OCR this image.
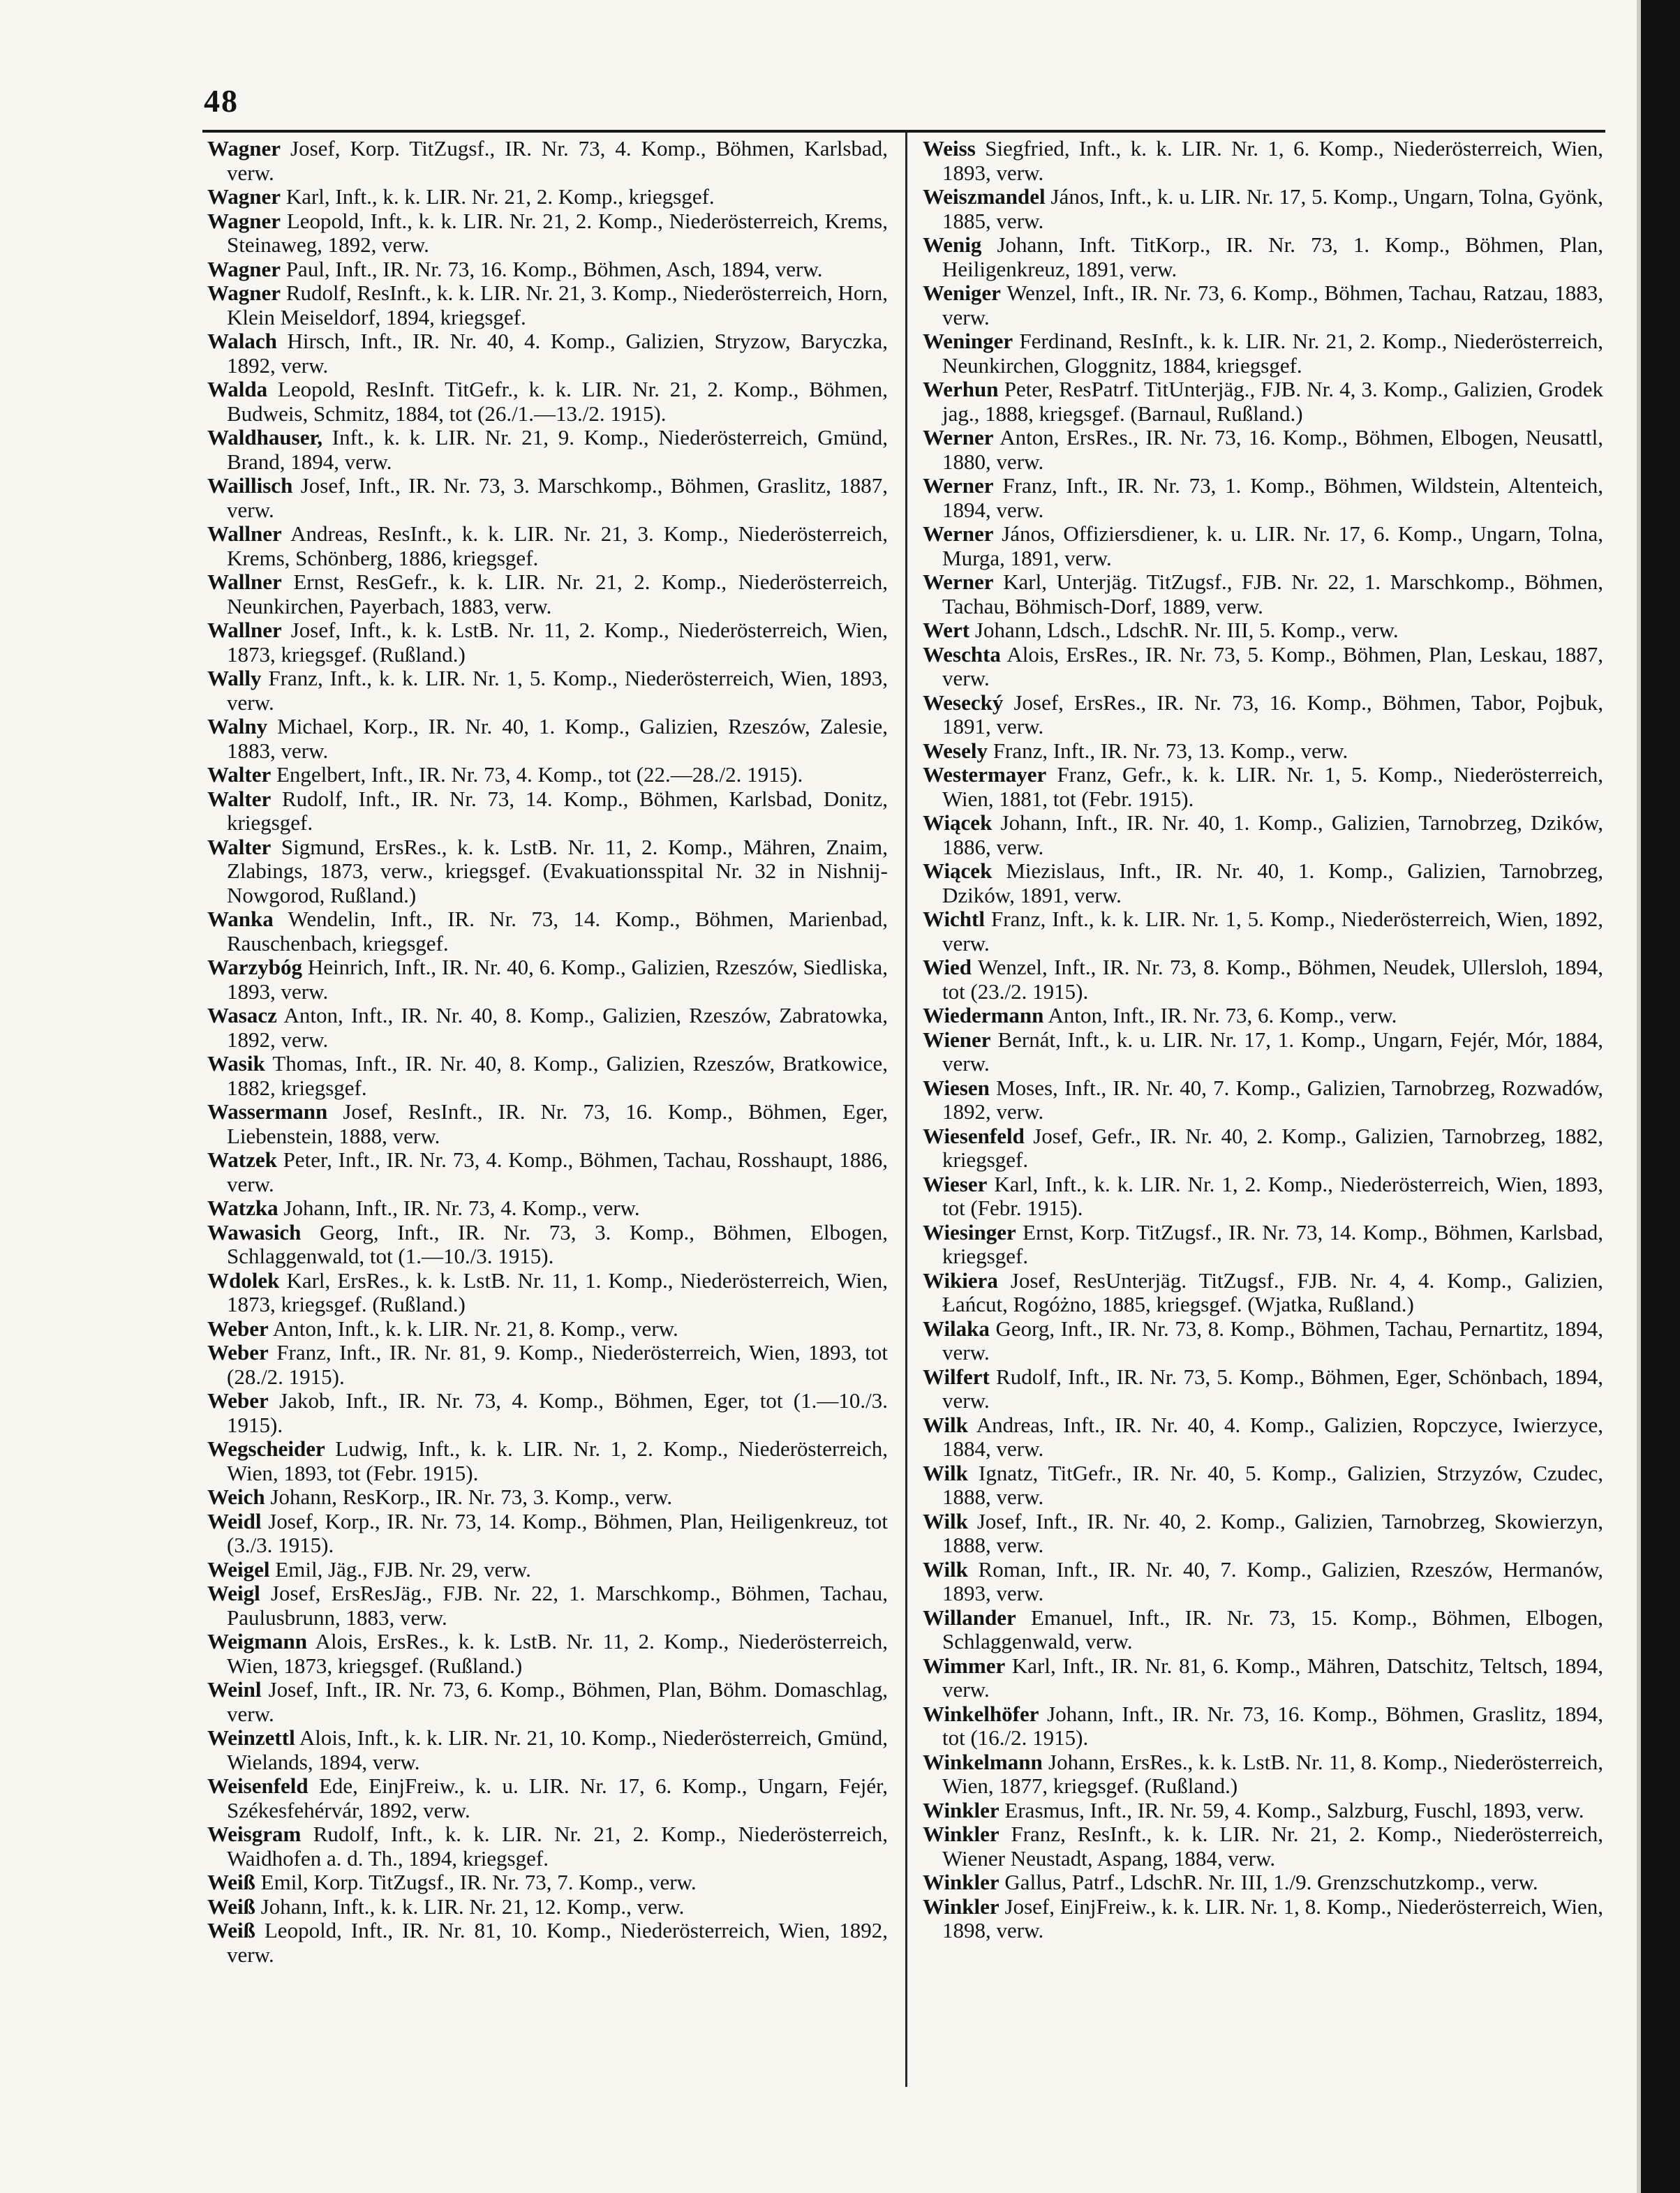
48

Wagner Josef, Korp. TitZugsf., IR. Nr. 73, 4. Komp., Böhmen, Karlsbad, verw.

Wagner Karl, Inft., k. k. LIR. Nr. 21, 2. Komp., kriegsgef.

Wagner Leopold, Inft., k. k. LIR. Nr. 21, 2. Komp., Niederösterreich, Krems, Steinaweg, 1892, verw.

Wagner Paul, Inft., IR. Nr. 73, 16. Komp., Böhmen, Asch, 1894, verw.

Wagner Rudolf, ResInft., k. k. LIR. Nr. 21, 3. Komp., Niederösterreich, Horn, Klein Meiseldorf, 1894, kriegsgef.

Walach Hirsch, Inft., IR. Nr. 40, 4. Komp., Galizien, Stryzow, Baryczka, 1892, verw.

Walda Leopold, ResInft. TitGefr., k. k. LIR. Nr. 21, 2. Komp., Böhmen, Budweis, Schmitz, 1884, tot (26./1.—13./2. 1915).

Waldhauser, Inft., k. k. LIR. Nr. 21, 9. Komp., Niederösterreich, Gmünd, Brand, 1894, verw.

Waillisch Josef, Inft., IR. Nr. 73, 3. Marschkomp., Böhmen, Graslitz, 1887, verw.

Wallner Andreas, ResInft., k. k. LIR. Nr. 21, 3. Komp., Niederösterreich, Krems, Schönberg, 1886, kriegsgef.

Wallner Ernst, ResGefr., k. k. LIR. Nr. 21, 2. Komp., Niederösterreich, Neunkirchen, Payerbach, 1883, verw.

Wallner Josef, Inft., k. k. LstB. Nr. 11, 2. Komp., Niederösterreich, Wien, 1873, kriegsgef. (Rußland.)

Wally Franz, Inft., k. k. LIR. Nr. 1, 5. Komp., Niederösterreich, Wien, 1893, verw.

Walny Michael, Korp., IR. Nr. 40, 1. Komp., Galizien, Rzeszów, Zalesie, 1883, verw.

Walter Engelbert, Inft., IR. Nr. 73, 4. Komp., tot (22.—28./2. 1915).

Walter Rudolf, Inft., IR. Nr. 73, 14. Komp., Böhmen, Karlsbad, Donitz, kriegsgef.

Walter Sigmund, ErsRes., k. k. LstB. Nr. 11, 2. Komp., Mähren, Znaim, Zlabings, 1873, verw., kriegsgef. (Evakuationsspital Nr. 32 in Nishnij-Nowgorod, Rußland.)

Wanka Wendelin, Inft., IR. Nr. 73, 14. Komp., Böhmen, Marienbad, Rauschenbach, kriegsgef.

Warzybóg Heinrich, Inft., IR. Nr. 40, 6. Komp., Galizien, Rzeszów, Siedliska, 1893, verw.

Wasacz Anton, Inft., IR. Nr. 40, 8. Komp., Galizien, Rzeszów, Zabratowka, 1892, verw.

Wasik Thomas, Inft., IR. Nr. 40, 8. Komp., Galizien, Rzeszów, Bratkowice, 1882, kriegsgef.

Wassermann Josef, ResInft., IR. Nr. 73, 16. Komp., Böhmen, Eger, Liebenstein, 1888, verw.

Watzek Peter, Inft., IR. Nr. 73, 4. Komp., Böhmen, Tachau, Rosshaupt, 1886, verw.

Watzka Johann, Inft., IR. Nr. 73, 4. Komp., verw.

Wawasich Georg, Inft., IR. Nr. 73, 3. Komp., Böhmen, Elbogen, Schlaggenwald, tot (1.—10./3. 1915).

Wdolek Karl, ErsRes., k. k. LstB. Nr. 11, 1. Komp., Niederösterreich, Wien, 1873, kriegsgef. (Rußland.)

Weber Anton, Inft., k. k. LIR. Nr. 21, 8. Komp., verw.

Weber Franz, Inft., IR. Nr. 81, 9. Komp., Niederösterreich, Wien, 1893, tot (28./2. 1915).

Weber Jakob, Inft., IR. Nr. 73, 4. Komp., Böhmen, Eger, tot (1.—10./3. 1915).

Wegscheider Ludwig, Inft., k. k. LIR. Nr. 1, 2. Komp., Niederösterreich, Wien, 1893, tot (Febr. 1915).

Weich Johann, ResKorp., IR. Nr. 73, 3. Komp., verw.

Weidl Josef, Korp., IR. Nr. 73, 14. Komp., Böhmen, Plan, Heiligenkreuz, tot (3./3. 1915).

Weigel Emil, Jäg., FJB. Nr. 29, verw.

Weigl Josef, ErsResJäg., FJB. Nr. 22, 1. Marschkomp., Böhmen, Tachau, Paulusbrunn, 1883, verw.

Weigmann Alois, ErsRes., k. k. LstB. Nr. 11, 2. Komp., Niederösterreich, Wien, 1873, kriegsgef. (Rußland.)

Weinl Josef, Inft., IR. Nr. 73, 6. Komp., Böhmen, Plan, Böhm. Domaschlag, verw.

Weinzettl Alois, Inft., k. k. LIR. Nr. 21, 10. Komp., Niederösterreich, Gmünd, Wielands, 1894, verw.

Weisenfeld Ede, EinjFreiw., k. u. LIR. Nr. 17, 6. Komp., Ungarn, Fejér, Székesfehérvár, 1892, verw.

Weisgram Rudolf, Inft., k. k. LIR. Nr. 21, 2. Komp., Niederösterreich, Waidhofen a. d. Th., 1894, kriegsgef.

Weiß Emil, Korp. TitZugsf., IR. Nr. 73, 7. Komp., verw.

Weiß Johann, Inft., k. k. LIR. Nr. 21, 12. Komp., verw.

Weiß Leopold, Inft., IR. Nr. 81, 10. Komp., Niederösterreich, Wien, 1892, verw.

Weiss Siegfried, Inft., k. k. LIR. Nr. 1, 6. Komp., Niederösterreich, Wien, 1893, verw.

Weiszmandel János, Inft., k. u. LIR. Nr. 17, 5. Komp., Ungarn, Tolna, Gyönk, 1885, verw.

Wenig Johann, Inft. TitKorp., IR. Nr. 73, 1. Komp., Böhmen, Plan, Heiligenkreuz, 1891, verw.

Weniger Wenzel, Inft., IR. Nr. 73, 6. Komp., Böhmen, Tachau, Ratzau, 1883, verw.

Weninger Ferdinand, ResInft., k. k. LIR. Nr. 21, 2. Komp., Niederösterreich, Neunkirchen, Gloggnitz, 1884, kriegsgef.

Werhun Peter, ResPatrf. TitUnterjäg., FJB. Nr. 4, 3. Komp., Galizien, Grodek jag., 1888, kriegsgef. (Barnaul, Rußland.)

Werner Anton, ErsRes., IR. Nr. 73, 16. Komp., Böhmen, Elbogen, Neusattl, 1880, verw.

Werner Franz, Inft., IR. Nr. 73, 1. Komp., Böhmen, Wildstein, Altenteich, 1894, verw.

Werner János, Offiziersdiener, k. u. LIR. Nr. 17, 6. Komp., Ungarn, Tolna, Murga, 1891, verw.

Werner Karl, Unterjäg. TitZugsf., FJB. Nr. 22, 1. Marschkomp., Böhmen, Tachau, Böhmisch-Dorf, 1889, verw.

Wert Johann, Ldsch., LdschR. Nr. III, 5. Komp., verw.

Weschta Alois, ErsRes., IR. Nr. 73, 5. Komp., Böhmen, Plan, Leskau, 1887, verw.

Wesecký Josef, ErsRes., IR. Nr. 73, 16. Komp., Böhmen, Tabor, Pojbuk, 1891, verw.

Wesely Franz, Inft., IR. Nr. 73, 13. Komp., verw.

Westermayer Franz, Gefr., k. k. LIR. Nr. 1, 5. Komp., Niederösterreich, Wien, 1881, tot (Febr. 1915).

Wiącek Johann, Inft., IR. Nr. 40, 1. Komp., Galizien, Tarnobrzeg, Dzików, 1886, verw.

Wiącek Miezislaus, Inft., IR. Nr. 40, 1. Komp., Galizien, Tarnobrzeg, Dzików, 1891, verw.

Wichtl Franz, Inft., k. k. LIR. Nr. 1, 5. Komp., Niederösterreich, Wien, 1892, verw.

Wied Wenzel, Inft., IR. Nr. 73, 8. Komp., Böhmen, Neudek, Ullersloh, 1894, tot (23./2. 1915).

Wiedermann Anton, Inft., IR. Nr. 73, 6. Komp., verw.

Wiener Bernát, Inft., k. u. LIR. Nr. 17, 1. Komp., Ungarn, Fejér, Mór, 1884, verw.

Wiesen Moses, Inft., IR. Nr. 40, 7. Komp., Galizien, Tarnobrzeg, Rozwadów, 1892, verw.

Wiesenfeld Josef, Gefr., IR. Nr. 40, 2. Komp., Galizien, Tarnobrzeg, 1882, kriegsgef.

Wieser Karl, Inft., k. k. LIR. Nr. 1, 2. Komp., Niederösterreich, Wien, 1893, tot (Febr. 1915).

Wiesinger Ernst, Korp. TitZugsf., IR. Nr. 73, 14. Komp., Böhmen, Karlsbad, kriegsgef.

Wikiera Josef, ResUnterjäg. TitZugsf., FJB. Nr. 4, 4. Komp., Galizien, Łańcut, Rogóżno, 1885, kriegsgef. (Wjatka, Rußland.)

Wilaka Georg, Inft., IR. Nr. 73, 8. Komp., Böhmen, Tachau, Pernartitz, 1894, verw.

Wilfert Rudolf, Inft., IR. Nr. 73, 5. Komp., Böhmen, Eger, Schönbach, 1894, verw.

Wilk Andreas, Inft., IR. Nr. 40, 4. Komp., Galizien, Ropczyce, Iwierzyce, 1884, verw.

Wilk Ignatz, TitGefr., IR. Nr. 40, 5. Komp., Galizien, Strzyzów, Czudec, 1888, verw.

Wilk Josef, Inft., IR. Nr. 40, 2. Komp., Galizien, Tarnobrzeg, Skowierzyn, 1888, verw.

Wilk Roman, Inft., IR. Nr. 40, 7. Komp., Galizien, Rzeszów, Hermanów, 1893, verw.

Willander Emanuel, Inft., IR. Nr. 73, 15. Komp., Böhmen, Elbogen, Schlaggenwald, verw.

Wimmer Karl, Inft., IR. Nr. 81, 6. Komp., Mähren, Datschitz, Teltsch, 1894, verw.

Winkelhöfer Johann, Inft., IR. Nr. 73, 16. Komp., Böhmen, Graslitz, 1894, tot (16./2. 1915).

Winkelmann Johann, ErsRes., k. k. LstB. Nr. 11, 8. Komp., Niederösterreich, Wien, 1877, kriegsgef. (Rußland.)

Winkler Erasmus, Inft., IR. Nr. 59, 4. Komp., Salzburg, Fuschl, 1893, verw.

Winkler Franz, ResInft., k. k. LIR. Nr. 21, 2. Komp., Niederösterreich, Wiener Neustadt, Aspang, 1884, verw.

Winkler Gallus, Patrf., LdschR. Nr. III, 1./9. Grenzschutzkomp., verw.

Winkler Josef, EinjFreiw., k. k. LIR. Nr. 1, 8. Komp., Niederösterreich, Wien, 1898, verw.
